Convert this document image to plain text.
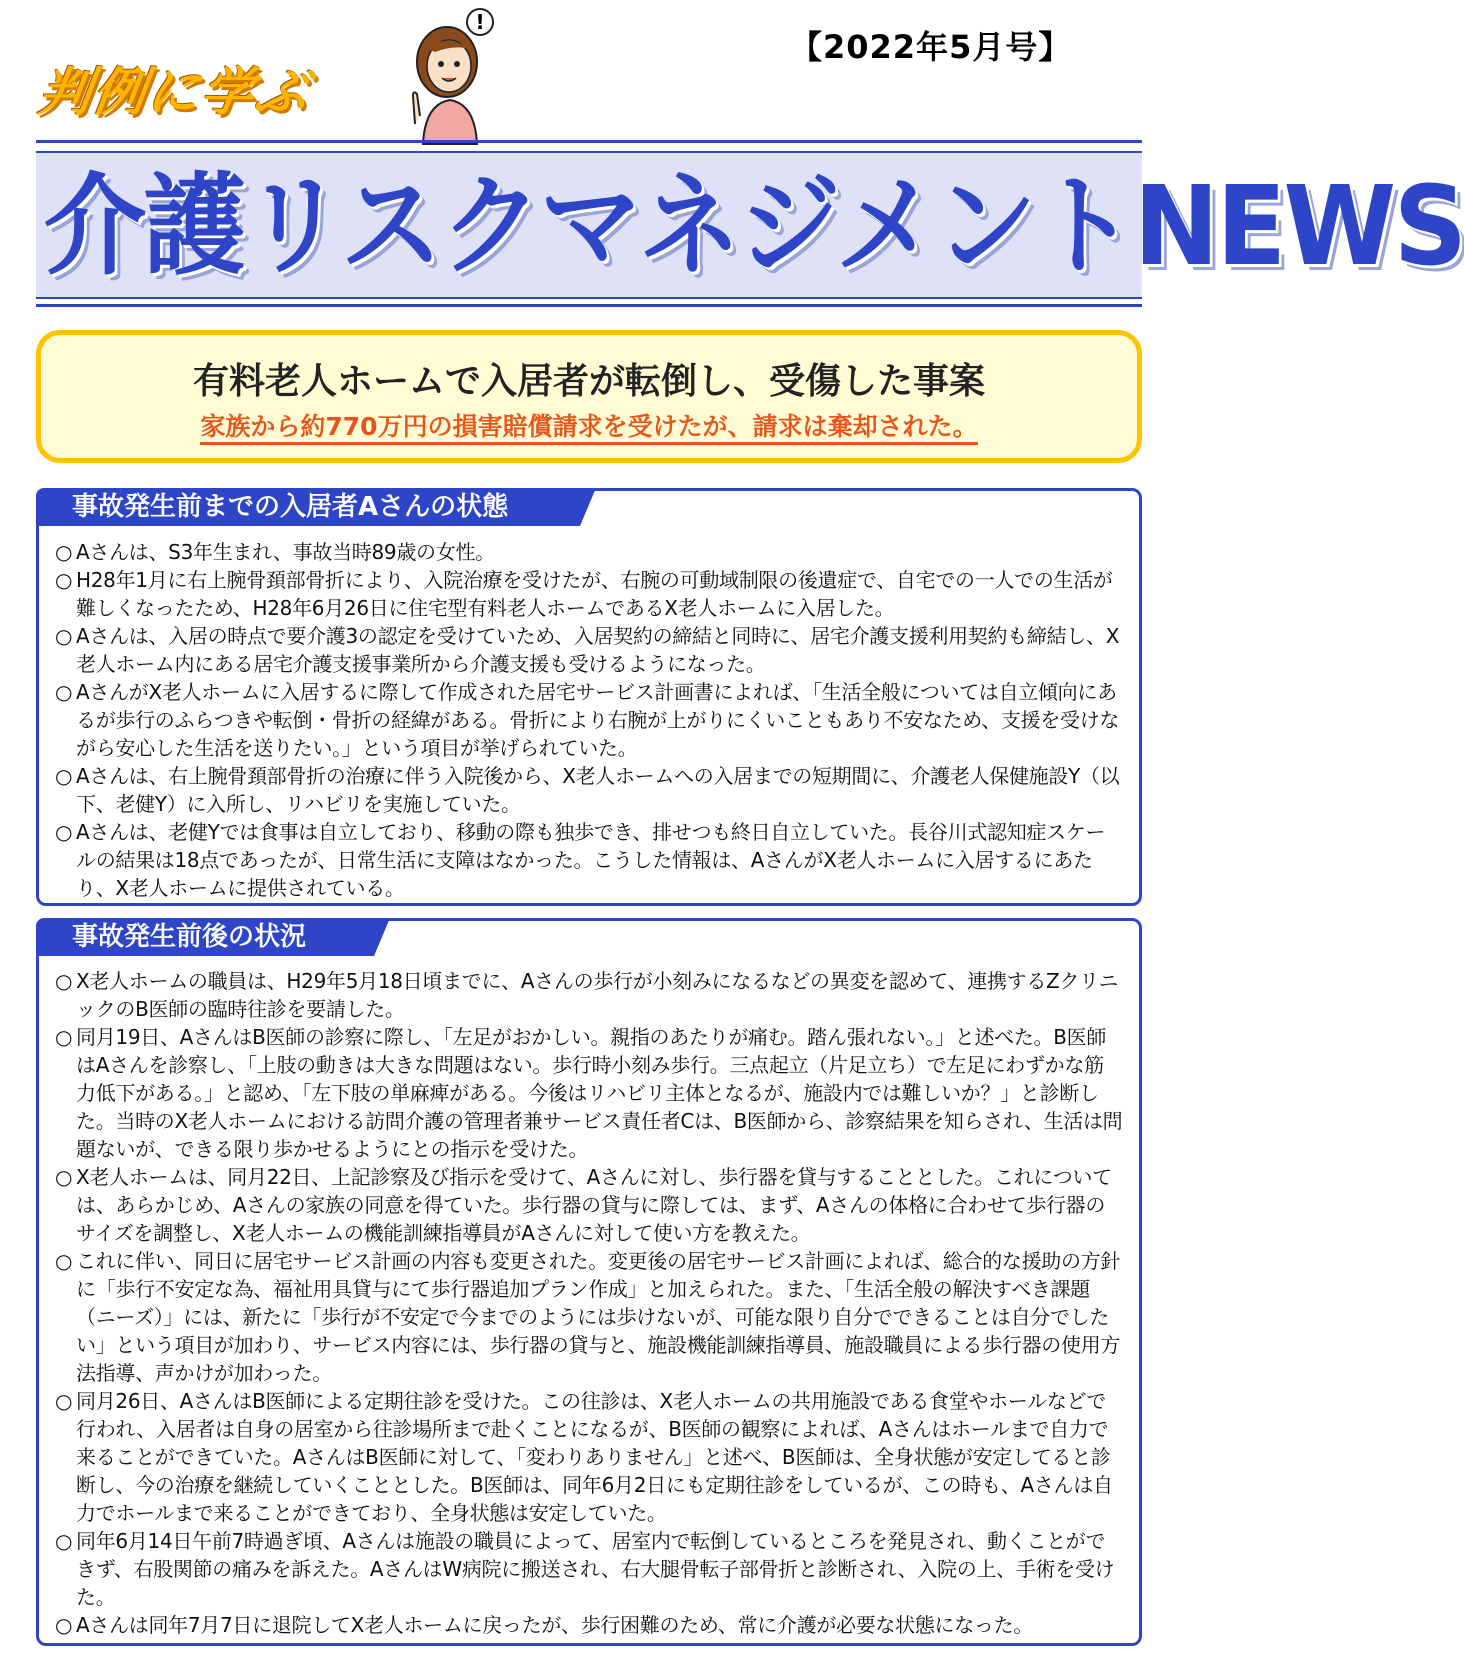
【2022年5月号】
判例に学ぶ
!
介護リスクマネジメントNEWS
有料老人ホームで入居者が転倒し、受傷した事案
家族から約770万円の損害賠償請求を受けたが、請求は棄却された。
事故発生前までの入居者Aさんの状態
○ Aさんは、S3年生まれ、事故当時89歳の女性。
○ H28年1月に右上腕骨頚部骨折により、入院治療を受けたが、右腕の可動域制限の後遺症で、自宅での一人での生活が難しくなったため、H28年6月26日に住宅型有料老人ホームであるX老人ホームに入居した。
○ Aさんは、入居の時点で要介護3の認定を受けていため、入居契約の締結と同時に、居宅介護支援利用契約も締結し、X老人ホーム内にある居宅介護支援事業所から介護支援も受けるようになった。
○ AさんがX老人ホームに入居するに際して作成された居宅サービス計画書によれば、「生活全般については自立傾向にあるが歩行のふらつきや転倒・骨折の経緯がある。骨折により右腕が上がりにくいこともあり不安なため、支援を受けながら安心した生活を送りたい。」という項目が挙げられていた。
○ Aさんは、右上腕骨頚部骨折の治療に伴う入院後から、X老人ホームへの入居までの短期間に、介護老人保健施設Y（以下、老健Y）に入所し、リハビリを実施していた。
○ Aさんは、老健Yでは食事は自立しており、移動の際も独歩でき、排せつも終日自立していた。長谷川式認知症スケールの結果は18点であったが、日常生活に支障はなかった。こうした情報は、AさんがX老人ホームに入居するにあたり、X老人ホームに提供されている。
事故発生前後の状況
○ X老人ホームの職員は、H29年5月18日頃までに、Aさんの歩行が小刻みになるなどの異変を認めて、連携するZクリニックのB医師の臨時往診を要請した。
○ 同月19日、AさんはB医師の診察に際し、「左足がおかしい。親指のあたりが痛む。踏ん張れない。」と述べた。B医師はAさんを診察し、「上肢の動きは大きな問題はない。歩行時小刻み歩行。三点起立（片足立ち）で左足にわずかな筋力低下がある。」と認め、「左下肢の単麻痺がある。今後はリハビリ主体となるが、施設内では難しいか？」と診断した。当時のX老人ホームにおける訪問介護の管理者兼サービス責任者Cは、B医師から、診察結果を知らされ、生活は問題ないが、できる限り歩かせるようにとの指示を受けた。
○ X老人ホームは、同月22日、上記診察及び指示を受けて、Aさんに対し、歩行器を貸与することとした。これについては、あらかじめ、Aさんの家族の同意を得ていた。歩行器の貸与に際しては、まず、Aさんの体格に合わせて歩行器のサイズを調整し、X老人ホームの機能訓練指導員がAさんに対して使い方を教えた。
○ これに伴い、同日に居宅サービス計画の内容も変更された。変更後の居宅サービス計画によれば、総合的な援助の方針に「歩行不安定な為、福祉用具貸与にて歩行器追加プラン作成」と加えられた。また、「生活全般の解決すべき課題（ニーズ）」には、新たに「歩行が不安定で今までのようには歩けないが、可能な限り自分でできることは自分でしたい」という項目が加わり、サービス内容には、歩行器の貸与と、施設機能訓練指導員、施設職員による歩行器の使用方法指導、声かけが加わった。
○ 同月26日、AさんはB医師による定期往診を受けた。この往診は、X老人ホームの共用施設である食堂やホールなどで行われ、入居者は自身の居室から往診場所まで赴くことになるが、B医師の観察によれば、Aさんはホールまで自力で来ることができていた。AさんはB医師に対して、「変わりありません」と述べ、B医師は、全身状態が安定してると診断し、今の治療を継続していくこととした。B医師は、同年6月2日にも定期往診をしているが、この時も、Aさんは自力でホールまで来ることができており、全身状態は安定していた。
○ 同年6月14日午前7時過ぎ頃、Aさんは施設の職員によって、居室内で転倒しているところを発見され、動くことができず、右股関節の痛みを訴えた。AさんはW病院に搬送され、右大腿骨転子部骨折と診断され、入院の上、手術を受けた。
○ Aさんは同年7月7日に退院してX老人ホームに戻ったが、歩行困難のため、常に介護が必要な状態になった。
